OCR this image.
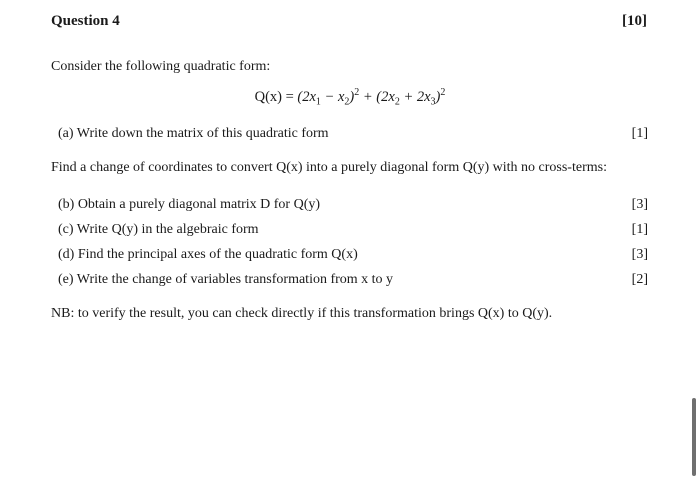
Question 4	[10]
Consider the following quadratic form:
$Q(x) = (2x_1 - x_2)^2 + (2x_2 + 2x_3)^2$
(a) Write down the matrix of this quadratic form	[1]
Find a change of coordinates to convert Q(x) into a purely diagonal form Q(y) with no cross-terms:
(b) Obtain a purely diagonal matrix D for Q(y)	[3]
(c) Write Q(y) in the algebraic form	[1]
(d) Find the principal axes of the quadratic form Q(x)	[3]
(e) Write the change of variables transformation from x to y	[2]
NB: to verify the result, you can check directly if this transformation brings Q(x) to Q(y).
